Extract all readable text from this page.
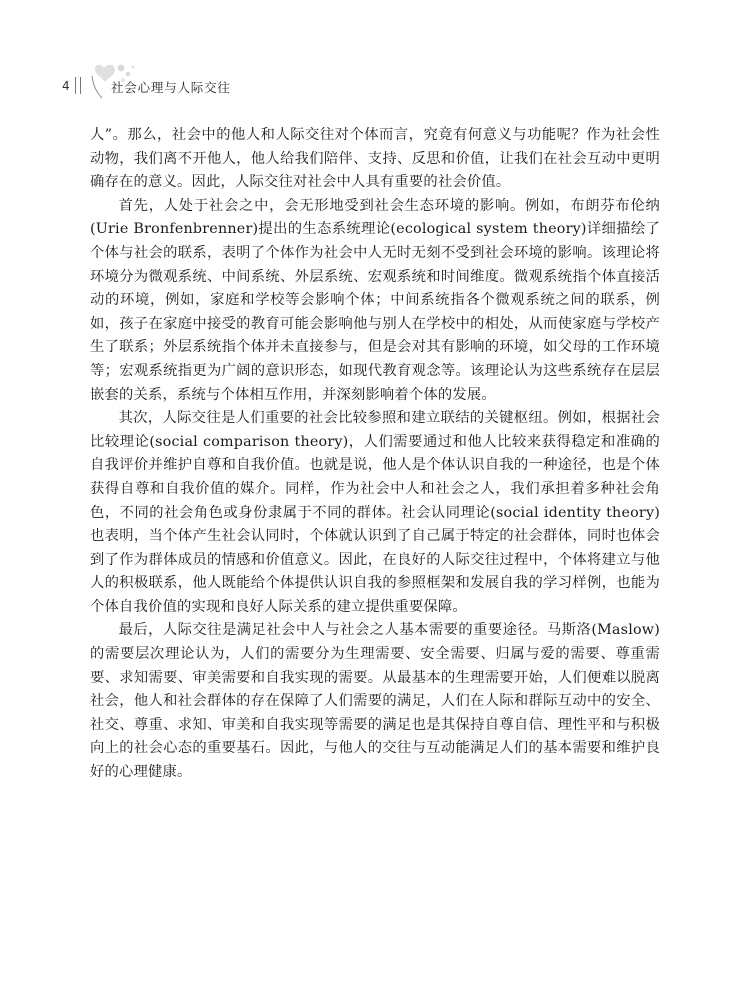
4	社会心理与人际交往

人”。那么，社会中的他人和人际交往对个体而言，究竟有何意义与功能呢？作为社会性动物，我们离不开他人，他人给我们陪伴、支持、反思和价值，让我们在社会互动中更明确存在的意义。因此，人际交往对社会中人具有重要的社会价值。

首先，人处于社会之中，会无形地受到社会生态环境的影响。例如，布朗芬布伦纳(Urie Bronfenbrenner)提出的生态系统理论(ecological system theory)详细描绘了个体与社会的联系，表明了个体作为社会中人无时无刻不受到社会环境的影响。该理论将环境分为微观系统、中间系统、外层系统、宏观系统和时间维度。微观系统指个体直接活动的环境，例如，家庭和学校等会影响个体；中间系统指各个微观系统之间的联系，例如，孩子在家庭中接受的教育可能会影响他与别人在学校中的相处，从而使家庭与学校产生了联系；外层系统指个体并未直接参与，但是会对其有影响的环境，如父母的工作环境等；宏观系统指更为广阔的意识形态，如现代教育观念等。该理论认为这些系统存在层层嵌套的关系，系统与个体相互作用，并深刻影响着个体的发展。

其次，人际交往是人们重要的社会比较参照和建立联结的关键枢纽。例如，根据社会比较理论(social comparison theory)，人们需要通过和他人比较来获得稳定和准确的自我评价并维护自尊和自我价值。也就是说，他人是个体认识自我的一种途径，也是个体获得自尊和自我价值的媒介。同样，作为社会中人和社会之人，我们承担着多种社会角色，不同的社会角色或身份隶属于不同的群体。社会认同理论(social identity theory)也表明，当个体产生社会认同时，个体就认识到了自己属于特定的社会群体，同时也体会到了作为群体成员的情感和价值意义。因此，在良好的人际交往过程中，个体将建立与他人的积极联系，他人既能给个体提供认识自我的参照框架和发展自我的学习样例，也能为个体自我价值的实现和良好人际关系的建立提供重要保障。

最后，人际交往是满足社会中人与社会之人基本需要的重要途径。马斯洛(Maslow)的需要层次理论认为，人们的需要分为生理需要、安全需要、归属与爱的需要、尊重需要、求知需要、审美需要和自我实现的需要。从最基本的生理需要开始，人们便难以脱离社会，他人和社会群体的存在保障了人们需要的满足，人们在人际和群际互动中的安全、社交、尊重、求知、审美和自我实现等需要的满足也是其保持自尊自信、理性平和与积极向上的社会心态的重要基石。因此，与他人的交往与互动能满足人们的基本需要和维护良好的心理健康。
